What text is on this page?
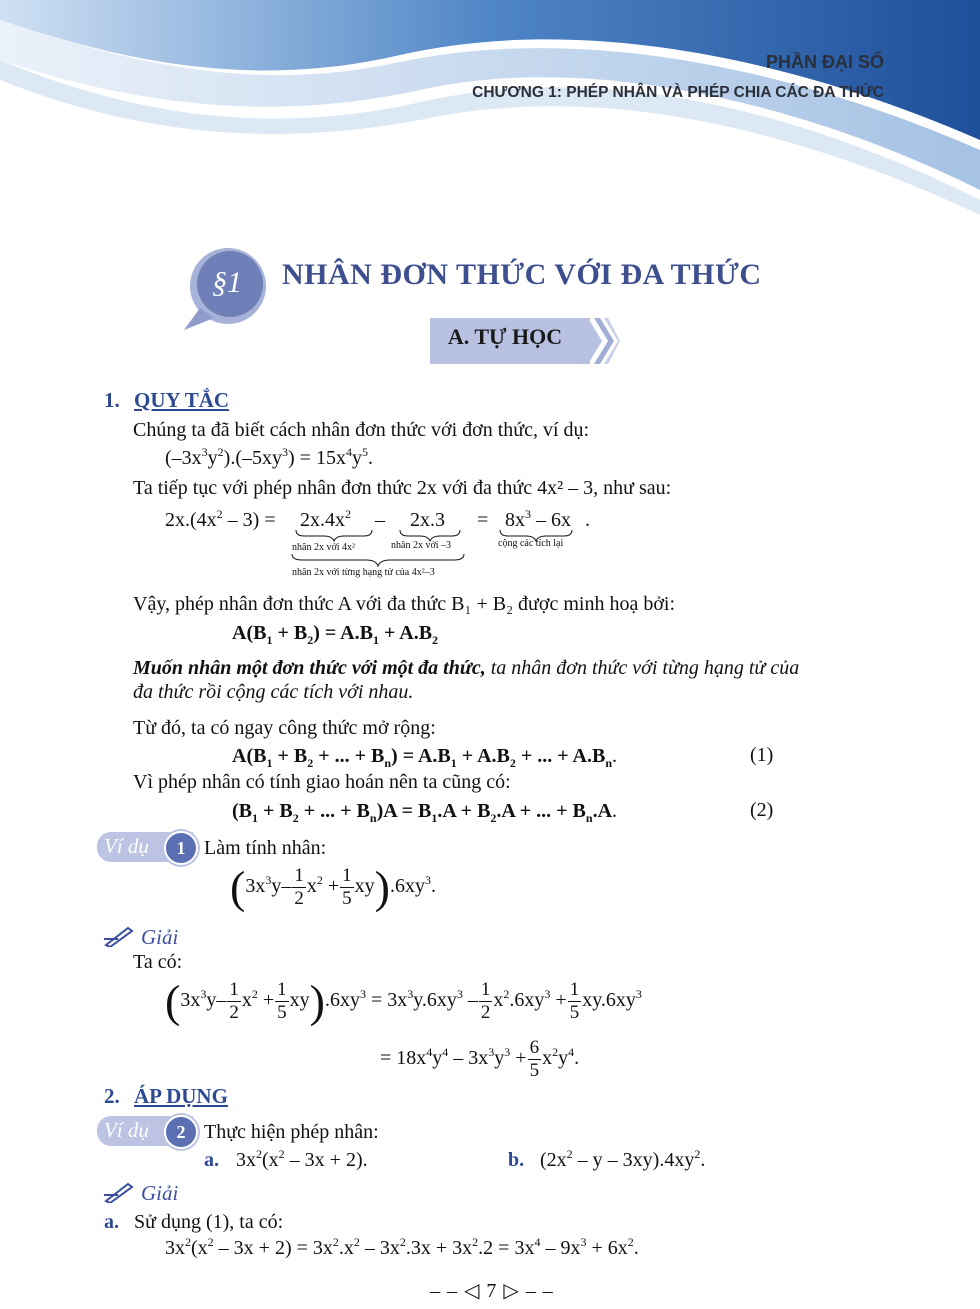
PHẦN ĐẠI SỐ
CHƯƠNG 1: PHÉP NHÂN VÀ PHÉP CHIA CÁC ĐA THỨC
§1 NHÂN ĐƠN THỨC VỚI ĐA THỨC
A. TỰ HỌC
1. QUY TẮC
Chúng ta đã biết cách nhân đơn thức với đơn thức, ví dụ:
$(-3x^3y^2).(-5xy^3) = 15x^4y^5$.
Ta tiếp tục với phép nhân đơn thức 2x với đa thức 4x² – 3, như sau:
$2x.(4x^2 - 3) = 2x.4x^2 - 2x.3 = 8x^3 - 6x$ .
nhân 2x với 4x²	nhân 2x với –3	cộng các tích lại
nhân 2x với từng hạng tử của 4x²–3
Vậy, phép nhân đơn thức A với đa thức B₁ + B₂ được minh hoạ bởi:
$A(B_1 + B_2) = A.B_1 + A.B_2$
Muốn nhân một đơn thức với một đa thức, ta nhân đơn thức với từng hạng tử của
đa thức rồi cộng các tích với nhau.
Từ đó, ta có ngay công thức mở rộng:
$A(B_1 + B_2$ + ... + $B_n) = A.B_1 + A.B_2$ + ... + $A.B_n$.	(1)
Vì phép nhân có tính giao hoán nên ta cũng có:
($B_1 + B_2$ + ... + $B_n)A = B_1.A + B_2.A$ + ... + $B_n.A$.	(2)
Ví dụ	1 Làm tính nhân:
$(3x^3y- \frac{1}{2} x^2 + \frac{1}{5} xy).6xy^3$.
Giải
Ta có:
$(3x^3y- \frac{1}{2} x^2 + \frac{1}{5} xy).6xy^3 = 3x^3y.6xy^3 - \frac{1}{2} x^2.6xy^3 + \frac{1}{5} xy.6xy^3$
= $18x^4y^4 - 3x^3y^3 + \frac{6}{5} x^2y^4$.
2. ÁP DỤNG
Ví dụ	2 Thực hiện phép nhân:
a. $3x^2(x^2 - 3x + 2)$.	b. ($2x^2$ – y – $3xy).4xy^2$.
Giải
a. Sử dụng (1), ta có:
$3x^2(x^2 - 3x + 2) = 3x^2.x^2 - 3x^2.3x + 3x^2.2 = 3x^4 - 9x^3 + 6x^2$.
– – ◁ 7 ▷ – –
